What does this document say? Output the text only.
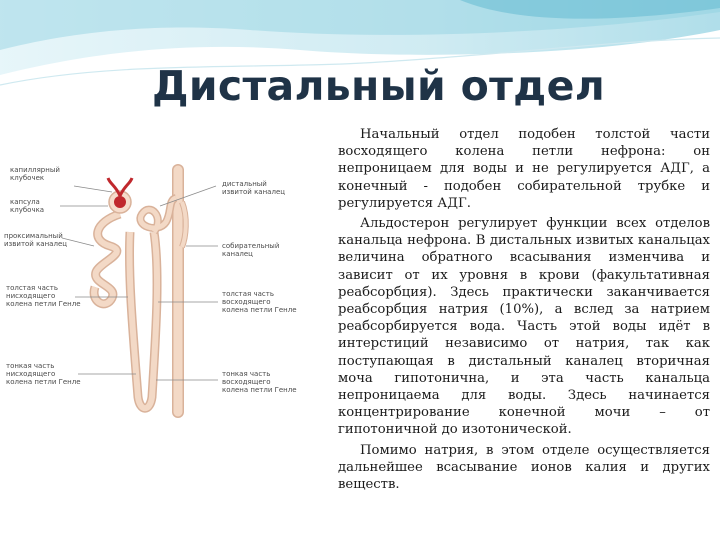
Дистальный отдел
капиллярный
клубочек
капсула
клубочка
проксимальный
извитой каналец
толстая часть
нисходящего
колена петли Генле
тонкая часть
нисходящего
колена петли Генле
дистальный
извитой каналец
собирательный
каналец
толстая часть
восходящего
колена петли Генле
тонкая часть
восходящего
колена петли Генле

Начальный отдел подобен толстой части восходящего колена петли нефрона: он непроницаем для воды и не регулируется АДГ, а конечный - подобен собирательной трубке и регулируется АДГ.

Альдостерон регулирует функции всех отделов канальца нефрона. В дистальных извитых канальцах величина обратного всасывания изменчива и зависит от их уровня в крови (факультативная реабсорбция). Здесь практически заканчивается реабсорбция натрия (10%), а вслед за натрием реабсорбируется вода. Часть этой воды идёт в интерстиций независимо от натрия, так как поступающая в дистальный каналец вторичная моча гипотонична, и эта часть канальца непроницаема для воды. Здесь начинается концентрирование конечной мочи – от гипотоничной до изотонической.

Помимо натрия, в этом отделе осуществляется дальнейшее всасывание ионов калия и других веществ.
